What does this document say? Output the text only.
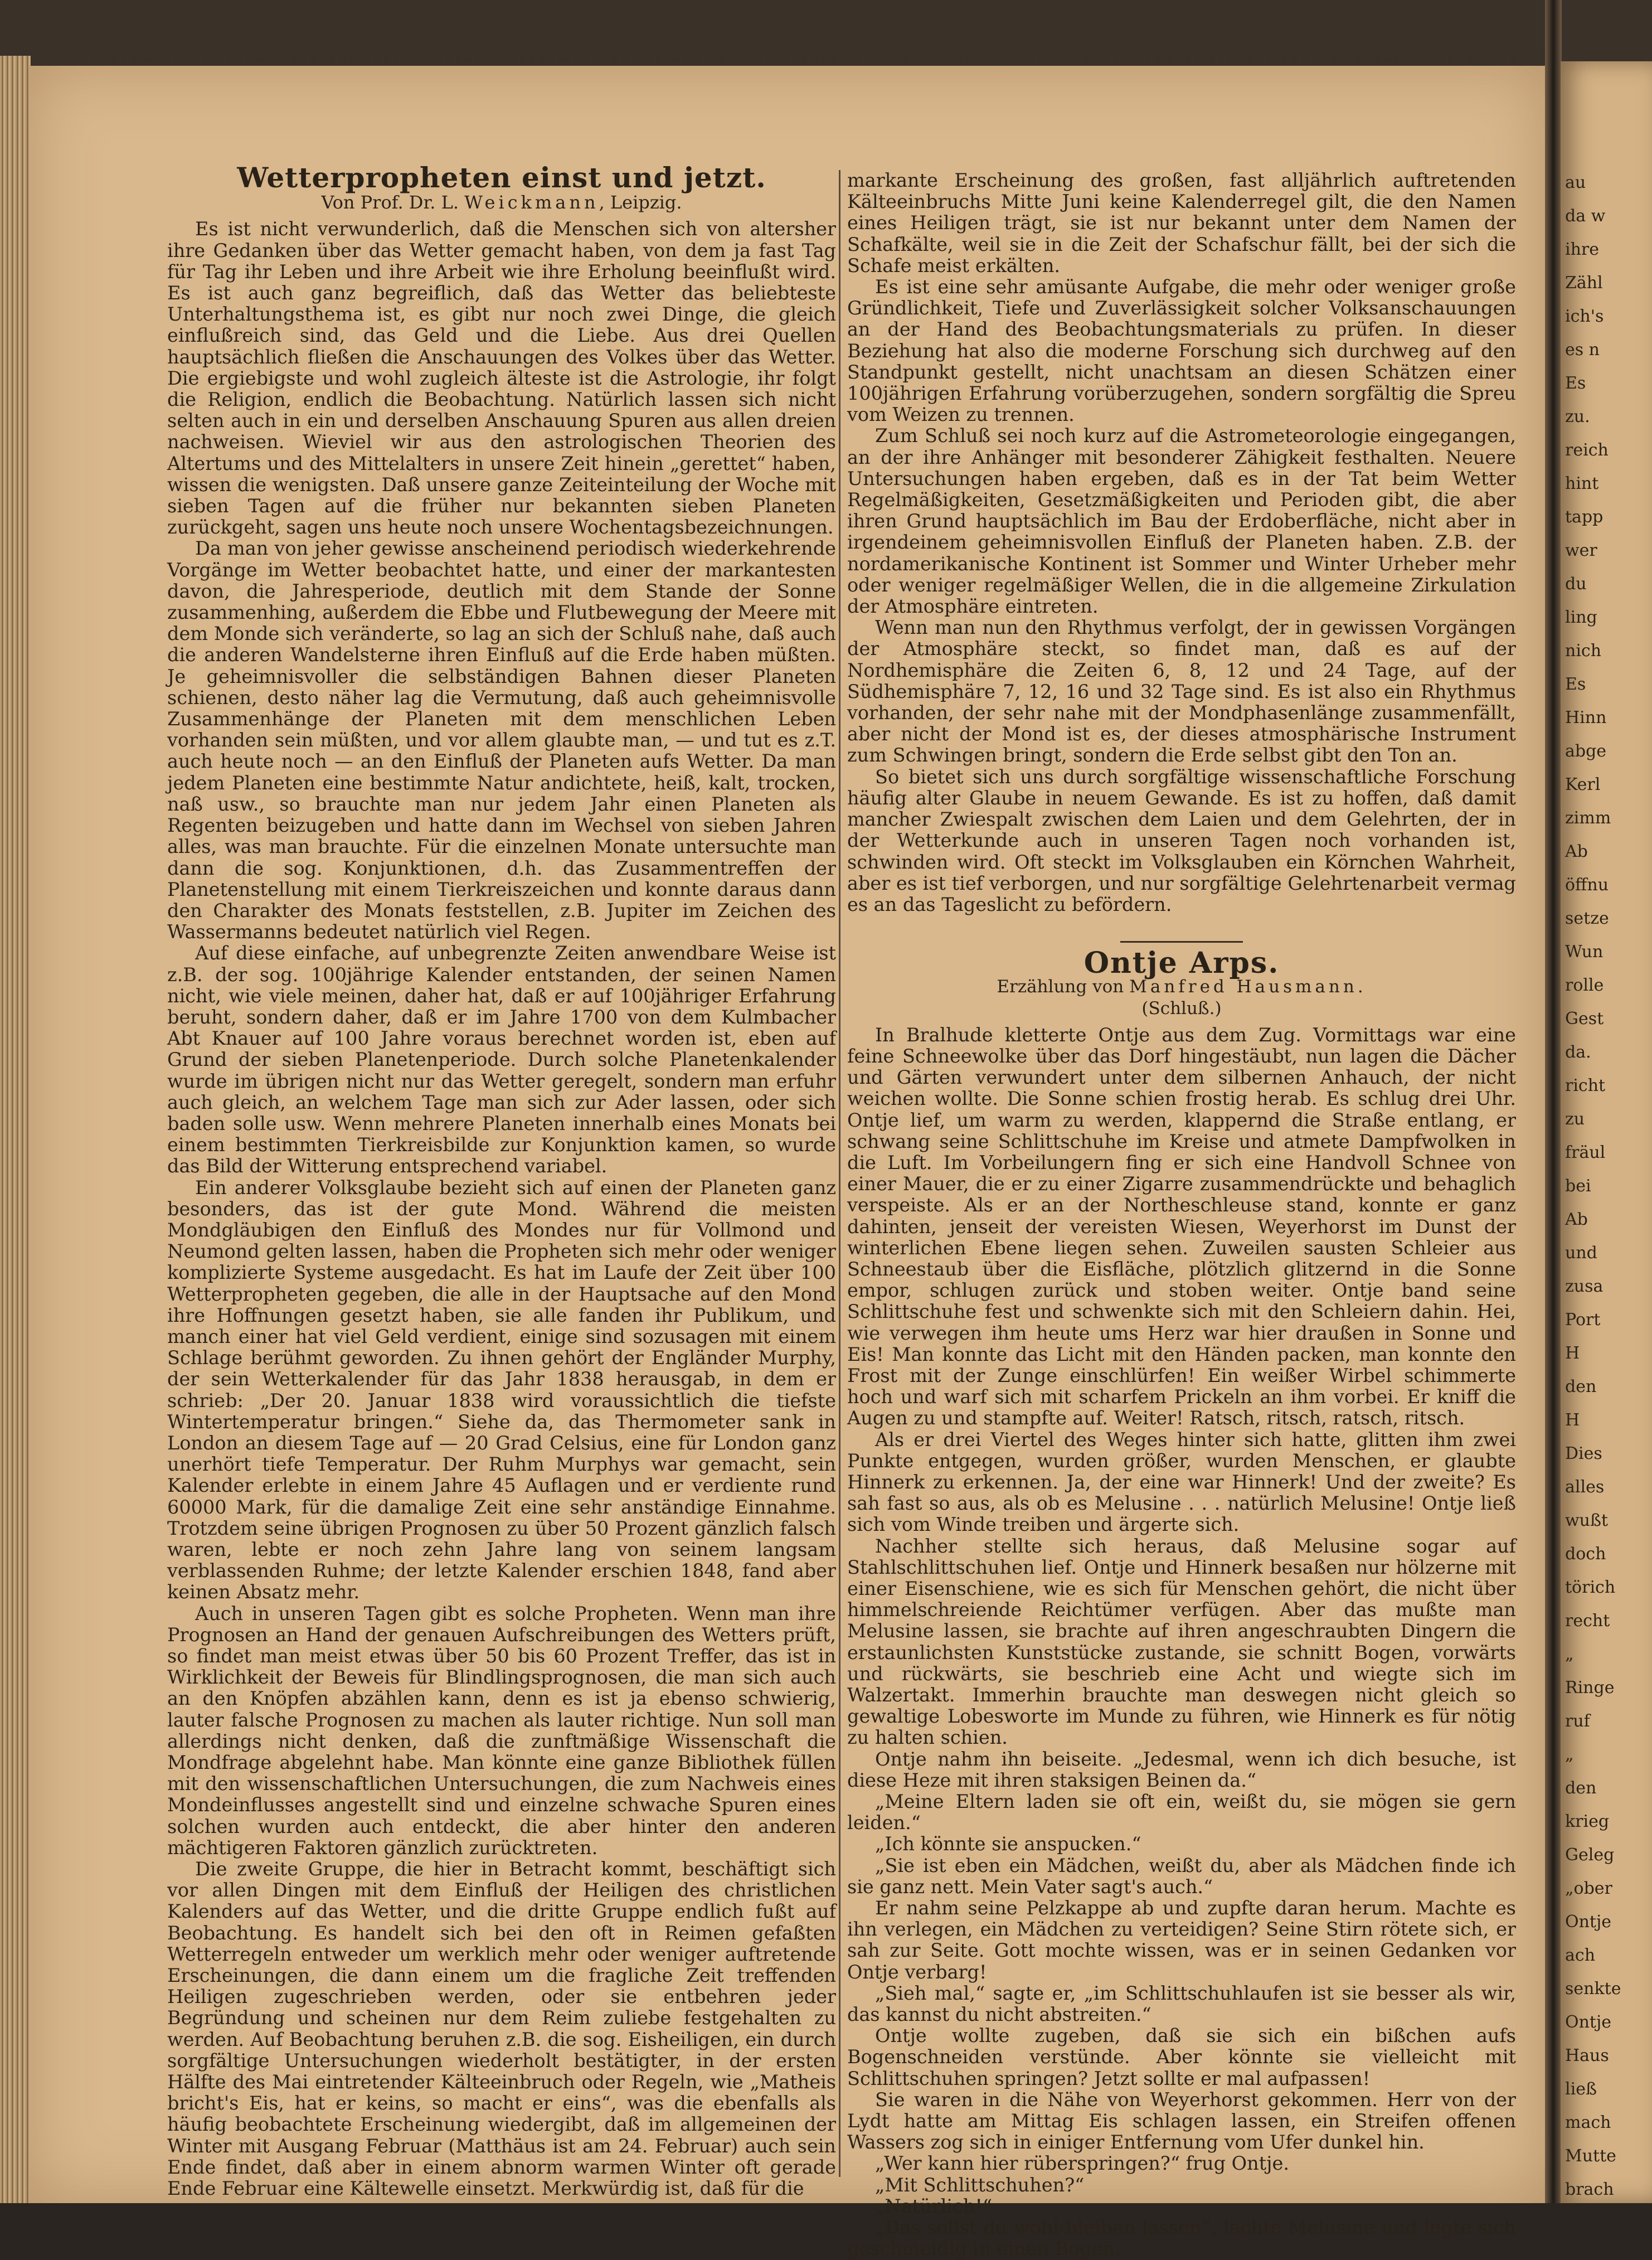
Wetterpropheten einst und jetzt.
Von Prof. Dr. L. Weickmann, Leipzig.

Es ist nicht verwunderlich, daß die Menschen sich von altersher ihre Gedanken über das Wetter gemacht haben, von dem ja fast Tag für Tag ihr Leben und ihre Arbeit wie ihre Erholung beeinflußt wird. Es ist auch ganz begreiflich, daß das Wetter das beliebteste Unterhaltungsthema ist, es gibt nur noch zwei Dinge, die gleich einflußreich sind, das Geld und die Liebe. Aus drei Quellen hauptsächlich fließen die Anschauungen des Volkes über das Wetter. Die ergiebigste und wohl zugleich älteste ist die Astrologie, ihr folgt die Religion, endlich die Beobachtung. Natürlich lassen sich nicht selten auch in ein und derselben Anschauung Spuren aus allen dreien nachweisen. Wieviel wir aus den astrologischen Theorien des Altertums und des Mittelalters in unsere Zeit hinein „gerettet“ haben, wissen die wenigsten. Daß unsere ganze Zeiteinteilung der Woche mit sieben Tagen auf die früher nur bekannten sieben Planeten zurückgeht, sagen uns heute noch unsere Wochentagsbezeichnungen.

Da man von jeher gewisse anscheinend periodisch wiederkehrende Vorgänge im Wetter beobachtet hatte, und einer der markantesten davon, die Jahresperiode, deutlich mit dem Stande der Sonne zusammenhing, außerdem die Ebbe und Flutbewegung der Meere mit dem Monde sich veränderte, so lag an sich der Schluß nahe, daß auch die anderen Wandelsterne ihren Einfluß auf die Erde haben müßten. Je geheimnisvoller die selbständigen Bahnen dieser Planeten schienen, desto näher lag die Vermutung, daß auch geheimnisvolle Zusammenhänge der Planeten mit dem menschlichen Leben vorhanden sein müßten, und vor allem glaubte man, — und tut es z.T. auch heute noch — an den Einfluß der Planeten aufs Wetter. Da man jedem Planeten eine bestimmte Natur andichtete, heiß, kalt, trocken, naß usw., so brauchte man nur jedem Jahr einen Planeten als Regenten beizugeben und hatte dann im Wechsel von sieben Jahren alles, was man brauchte. Für die einzelnen Monate untersuchte man dann die sog. Konjunktionen, d.h. das Zusammentreffen der Planetenstellung mit einem Tierkreiszeichen und konnte daraus dann den Charakter des Monats feststellen, z.B. Jupiter im Zeichen des Wassermanns bedeutet natürlich viel Regen.

Auf diese einfache, auf unbegrenzte Zeiten anwendbare Weise ist z.B. der sog. 100jährige Kalender entstanden, der seinen Namen nicht, wie viele meinen, daher hat, daß er auf 100jähriger Erfahrung beruht, sondern daher, daß er im Jahre 1700 von dem Kulmbacher Abt Knauer auf 100 Jahre voraus berechnet worden ist, eben auf Grund der sieben Planetenperiode. Durch solche Planetenkalender wurde im übrigen nicht nur das Wetter geregelt, sondern man erfuhr auch gleich, an welchem Tage man sich zur Ader lassen, oder sich baden solle usw. Wenn mehrere Planeten innerhalb eines Monats bei einem bestimmten Tierkreisbilde zur Konjunktion kamen, so wurde das Bild der Witterung entsprechend variabel.

Ein anderer Volksglaube bezieht sich auf einen der Planeten ganz besonders, das ist der gute Mond. Während die meisten Mondgläubigen den Einfluß des Mondes nur für Vollmond und Neumond gelten lassen, haben die Propheten sich mehr oder weniger komplizierte Systeme ausgedacht. Es hat im Laufe der Zeit über 100 Wetterpropheten gegeben, die alle in der Hauptsache auf den Mond ihre Hoffnungen gesetzt haben, sie alle fanden ihr Publikum, und manch einer hat viel Geld verdient, einige sind sozusagen mit einem Schlage berühmt geworden. Zu ihnen gehört der Engländer Murphy, der sein Wetterkalender für das Jahr 1838 herausgab, in dem er schrieb: „Der 20. Januar 1838 wird voraussichtlich die tiefste Wintertemperatur bringen.“ Siehe da, das Thermometer sank in London an diesem Tage auf — 20 Grad Celsius, eine für London ganz unerhört tiefe Temperatur. Der Ruhm Murphys war gemacht, sein Kalender erlebte in einem Jahre 45 Auflagen und er verdiente rund 60000 Mark, für die damalige Zeit eine sehr anständige Einnahme. Trotzdem seine übrigen Prognosen zu über 50 Prozent gänzlich falsch waren, lebte er noch zehn Jahre lang von seinem langsam verblassenden Ruhme; der letzte Kalender erschien 1848, fand aber keinen Absatz mehr.

Auch in unseren Tagen gibt es solche Propheten. Wenn man ihre Prognosen an Hand der genauen Aufschreibungen des Wetters prüft, so findet man meist etwas über 50 bis 60 Prozent Treffer, das ist in Wirklichkeit der Beweis für Blindlingsprognosen, die man sich auch an den Knöpfen abzählen kann, denn es ist ja ebenso schwierig, lauter falsche Prognosen zu machen als lauter richtige. Nun soll man allerdings nicht denken, daß die zunftmäßige Wissenschaft die Mondfrage abgelehnt habe. Man könnte eine ganze Bibliothek füllen mit den wissenschaftlichen Untersuchungen, die zum Nachweis eines Mondeinflusses angestellt sind und einzelne schwache Spuren eines solchen wurden auch entdeckt, die aber hinter den anderen mächtigeren Faktoren gänzlich zurücktreten.

Die zweite Gruppe, die hier in Betracht kommt, beschäftigt sich vor allen Dingen mit dem Einfluß der Heiligen des christlichen Kalenders auf das Wetter, und die dritte Gruppe endlich fußt auf Beobachtung. Es handelt sich bei den oft in Reimen gefaßten Wetterregeln entweder um werklich mehr oder weniger auftretende Erscheinungen, die dann einem um die fragliche Zeit treffenden Heiligen zugeschrieben werden, oder sie entbehren jeder Begründung und scheinen nur dem Reim zuliebe festgehalten zu werden. Auf Beobachtung beruhen z.B. die sog. Eisheiligen, ein durch sorgfältige Untersuchungen wiederholt bestätigter, in der ersten Hälfte des Mai eintretender Kälteeinbruch oder Regeln, wie „Matheis bricht's Eis, hat er keins, so macht er eins“, was die ebenfalls als häufig beobachtete Erscheinung wiedergibt, daß im allgemeinen der Winter mit Ausgang Februar (Matthäus ist am 24. Februar) auch sein Ende findet, daß aber in einem abnorm warmen Winter oft gerade Ende Februar eine Kältewelle einsetzt. Merkwürdig ist, daß für die

markante Erscheinung des großen, fast alljährlich auftretenden Kälteeinbruchs Mitte Juni keine Kalenderregel gilt, die den Namen eines Heiligen trägt, sie ist nur bekannt unter dem Namen der Schafkälte, weil sie in die Zeit der Schafschur fällt, bei der sich die Schafe meist erkälten.

Es ist eine sehr amüsante Aufgabe, die mehr oder weniger große Gründlichkeit, Tiefe und Zuverlässigkeit solcher Volksanschauungen an der Hand des Beobachtungsmaterials zu prüfen. In dieser Beziehung hat also die moderne Forschung sich durchweg auf den Standpunkt gestellt, nicht unachtsam an diesen Schätzen einer 100jährigen Erfahrung vorüberzugehen, sondern sorgfältig die Spreu vom Weizen zu trennen.

Zum Schluß sei noch kurz auf die Astrometeorologie eingegangen, an der ihre Anhänger mit besonderer Zähigkeit festhalten. Neuere Untersuchungen haben ergeben, daß es in der Tat beim Wetter Regelmäßigkeiten, Gesetzmäßigkeiten und Perioden gibt, die aber ihren Grund hauptsächlich im Bau der Erdoberfläche, nicht aber in irgendeinem geheimnisvollen Einfluß der Planeten haben. Z.B. der nordamerikanische Kontinent ist Sommer und Winter Urheber mehr oder weniger regelmäßiger Wellen, die in die allgemeine Zirkulation der Atmosphäre eintreten.

Wenn man nun den Rhythmus verfolgt, der in gewissen Vorgängen der Atmosphäre steckt, so findet man, daß es auf der Nordhemisphäre die Zeiten 6, 8, 12 und 24 Tage, auf der Südhemisphäre 7, 12, 16 und 32 Tage sind. Es ist also ein Rhythmus vorhanden, der sehr nahe mit der Mondphasenlänge zusammenfällt, aber nicht der Mond ist es, der dieses atmosphärische Instrument zum Schwingen bringt, sondern die Erde selbst gibt den Ton an.

So bietet sich uns durch sorgfältige wissenschaftliche Forschung häufig alter Glaube in neuem Gewande. Es ist zu hoffen, daß damit mancher Zwiespalt zwischen dem Laien und dem Gelehrten, der in der Wetterkunde auch in unseren Tagen noch vorhanden ist, schwinden wird. Oft steckt im Volksglauben ein Körnchen Wahrheit, aber es ist tief verborgen, und nur sorgfältige Gelehrtenarbeit vermag es an das Tageslicht zu befördern.

Ontje Arps.

Erzählung von Manfred Hausmann.

(Schluß.)

In Bralhude kletterte Ontje aus dem Zug. Vormittags war eine feine Schneewolke über das Dorf hingestäubt, nun lagen die Dächer und Gärten verwundert unter dem silbernen Anhauch, der nicht weichen wollte. Die Sonne schien frostig herab. Es schlug drei Uhr. Ontje lief, um warm zu werden, klappernd die Straße entlang, er schwang seine Schlittschuhe im Kreise und atmete Dampfwolken in die Luft. Im Vorbeilungern fing er sich eine Handvoll Schnee von einer Mauer, die er zu einer Zigarre zusammendrückte und behaglich verspeiste. Als er an der Northeschleuse stand, konnte er ganz dahinten, jenseit der vereisten Wiesen, Weyerhorst im Dunst der winterlichen Ebene liegen sehen. Zuweilen sausten Schleier aus Schneestaub über die Eisfläche, plötzlich glitzernd in die Sonne empor, schlugen zurück und stoben weiter. Ontje band seine Schlittschuhe fest und schwenkte sich mit den Schleiern dahin. Hei, wie verwegen ihm heute ums Herz war hier draußen in Sonne und Eis! Man konnte das Licht mit den Händen packen, man konnte den Frost mit der Zunge einschlürfen! Ein weißer Wirbel schimmerte hoch und warf sich mit scharfem Prickeln an ihm vorbei. Er kniff die Augen zu und stampfte auf. Weiter! Ratsch, ritsch, ratsch, ritsch.

Als er drei Viertel des Weges hinter sich hatte, glitten ihm zwei Punkte entgegen, wurden größer, wurden Menschen, er glaubte Hinnerk zu erkennen. Ja, der eine war Hinnerk! Und der zweite? Es sah fast so aus, als ob es Melusine . . . natürlich Melusine! Ontje ließ sich vom Winde treiben und ärgerte sich.

Nachher stellte sich heraus, daß Melusine sogar auf Stahlschlittschuhen lief. Ontje und Hinnerk besaßen nur hölzerne mit einer Eisenschiene, wie es sich für Menschen gehört, die nicht über himmelschreiende Reichtümer verfügen. Aber das mußte man Melusine lassen, sie brachte auf ihren angeschraubten Dingern die erstaunlichsten Kunststücke zustande, sie schnitt Bogen, vorwärts und rückwärts, sie beschrieb eine Acht und wiegte sich im Walzertakt. Immerhin brauchte man deswegen nicht gleich so gewaltige Lobesworte im Munde zu führen, wie Hinnerk es für nötig zu halten schien.

Ontje nahm ihn beiseite. „Jedesmal, wenn ich dich besuche, ist diese Heze mit ihren staksigen Beinen da.“

„Meine Eltern laden sie oft ein, weißt du, sie mögen sie gern leiden.“

„Ich könnte sie anspucken.“

„Sie ist eben ein Mädchen, weißt du, aber als Mädchen finde ich sie ganz nett. Mein Vater sagt's auch.“

Er nahm seine Pelzkappe ab und zupfte daran herum. Machte es ihn verlegen, ein Mädchen zu verteidigen? Seine Stirn rötete sich, er sah zur Seite. Gott mochte wissen, was er in seinen Gedanken vor Ontje verbarg!

„Sieh mal,“ sagte er, „im Schlittschuhlaufen ist sie besser als wir, das kannst du nicht abstreiten.“

Ontje wollte zugeben, daß sie sich ein bißchen aufs Bogenschneiden verstünde. Aber könnte sie vielleicht mit Schlittschuhen springen? Jetzt sollte er mal aufpassen!

Sie waren in die Nähe von Weyerhorst gekommen. Herr von der Lydt hatte am Mittag Eis schlagen lassen, ein Streifen offenen Wassers zog sich in einiger Entfernung vom Ufer dunkel hin.

„Wer kann hier rüberspringen?“ frug Ontje.

„Mit Schlittschuhen?“

„Natürlich!“

„Das sollst du wohl bleiben lassen“, lachte Melusine und legte sich geschmeidig in einen Bogen.

au
da w
ihre
Zähl
ich's
es n
Es
zu.
reich
hint
tapp
wer
du
ling
nich
Es
Hinn
abge
Kerl
zimm
Ab
öffnu
setze
Wun
rolle
Gest
da.
richt
zu
fräul
bei
Ab
und
zusa
Port
H
den
H
Dies
alles
wußt
doch
törich
recht
„
Ringe
ruf
„
den
krieg
Geleg
„ober
Ontje
ach
senkte
Ontje
Haus
ließ
mach
Mutte
brach
